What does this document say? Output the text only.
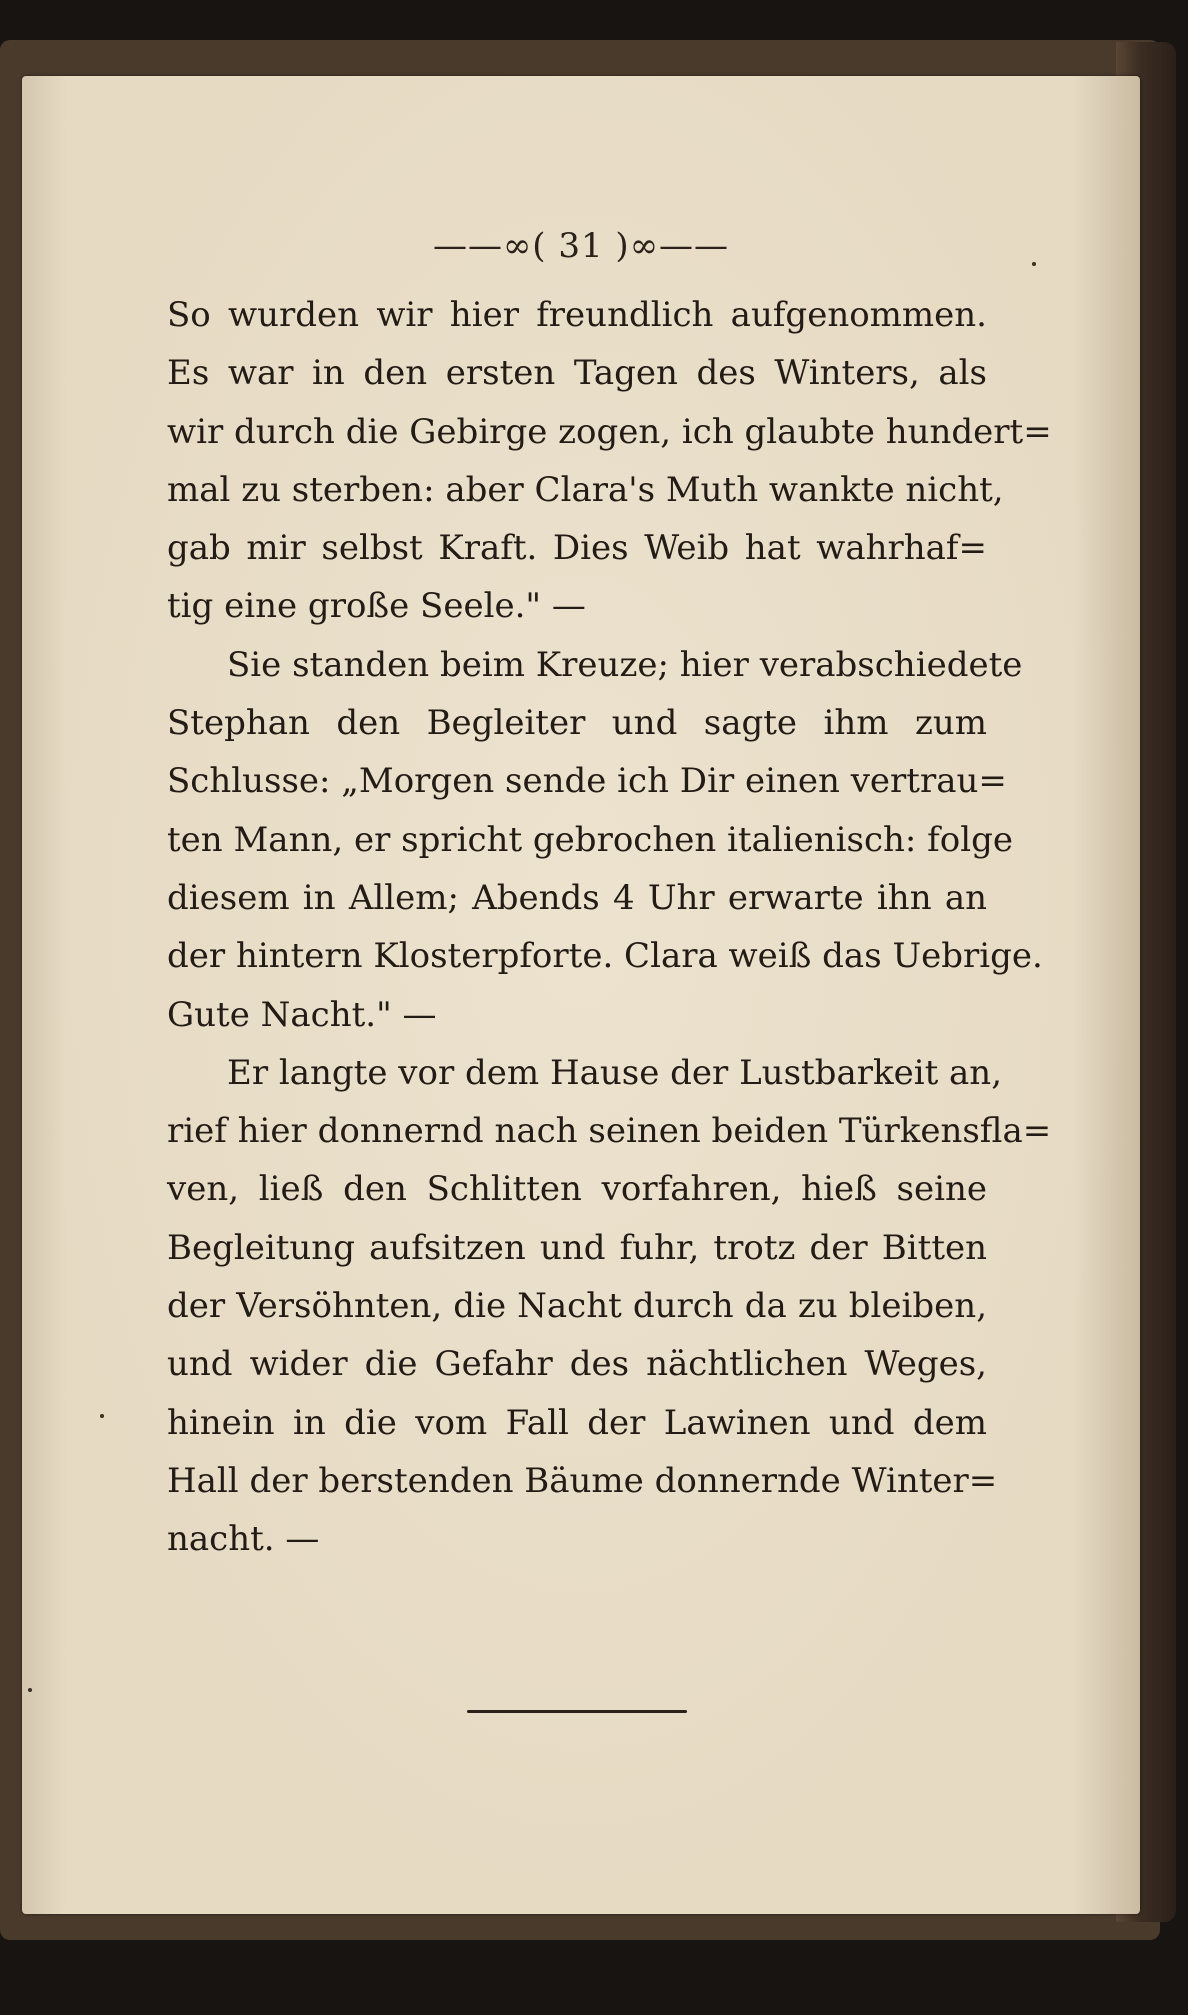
——∞( 31 )∞——
So wurden wir hier freundlich aufgenommen.
Es war in den ersten Tagen des Winters, als
wir durch die Gebirge zogen, ich glaubte hundert=
mal zu sterben: aber Clara's Muth wankte nicht,
gab mir selbst Kraft. Dies Weib hat wahrhaf=
tig eine große Seele." —
Sie standen beim Kreuze; hier verabschiedete
Stephan den Begleiter und sagte ihm zum
Schlusse: „Morgen sende ich Dir einen vertrau=
ten Mann, er spricht gebrochen italienisch: folge
diesem in Allem; Abends 4 Uhr erwarte ihn an
der hintern Klosterpforte. Clara weiß das Uebrige.
Gute Nacht." —
Er langte vor dem Hause der Lustbarkeit an,
rief hier donnernd nach seinen beiden Türkensfla=
ven, ließ den Schlitten vorfahren, hieß seine
Begleitung aufsitzen und fuhr, trotz der Bitten
der Versöhnten, die Nacht durch da zu bleiben,
und wider die Gefahr des nächtlichen Weges,
hinein in die vom Fall der Lawinen und dem
Hall der berstenden Bäume donnernde Winter=
nacht. —
